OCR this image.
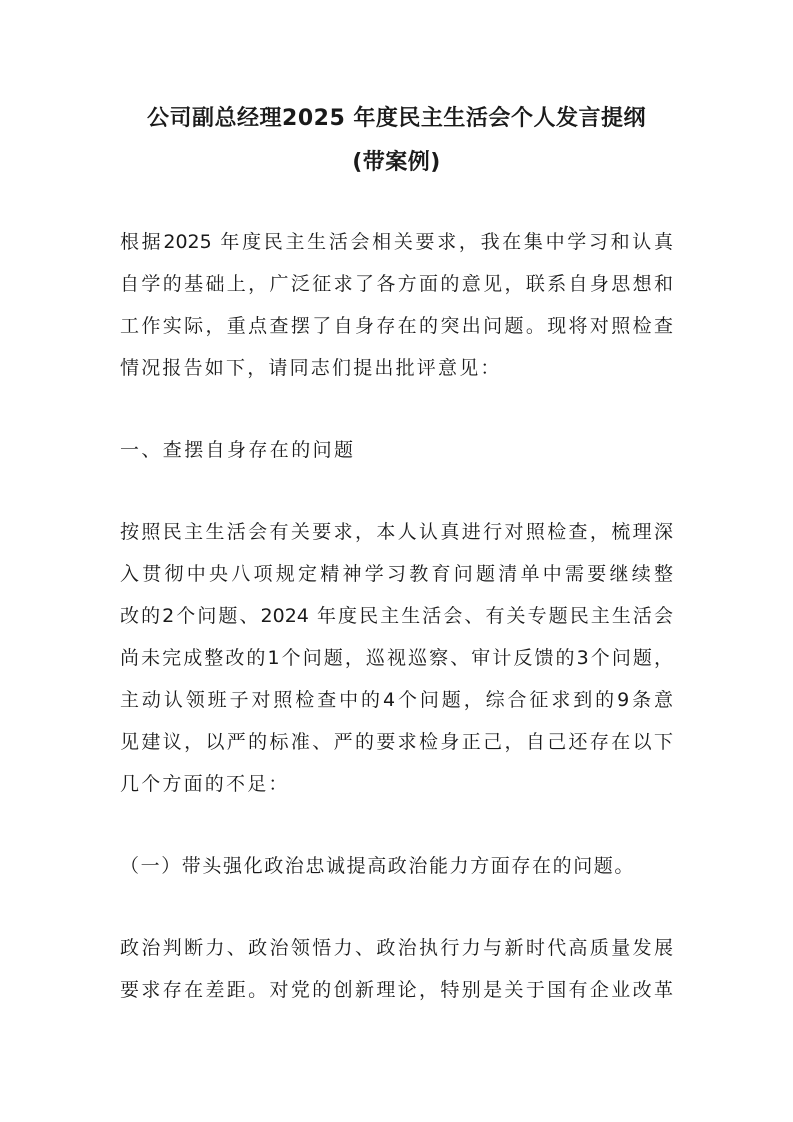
公司副总经理2025 年度民主生活会个人发言提纲
(带案例)
根据2025 年度民主生活会相关要求，我在集中学习和认真
自学的基础上，广泛征求了各方面的意见，联系自身思想和
工作实际，重点查摆了自身存在的突出问题。现将对照检查
情况报告如下，请同志们提出批评意见：
一、查摆自身存在的问题
按照民主生活会有关要求，本人认真进行对照检查，梳理深
入贯彻中央八项规定精神学习教育问题清单中需要继续整
改的2个问题、2024 年度民主生活会、有关专题民主生活会
尚未完成整改的1个问题，巡视巡察、审计反馈的3个问题，
主动认领班子对照检查中的4个问题，综合征求到的9条意
见建议，以严的标准、严的要求检身正己，自己还存在以下
几个方面的不足：
（一）带头强化政治忠诚提高政治能力方面存在的问题。
政治判断力、政治领悟力、政治执行力与新时代高质量发展
要求存在差距。对党的创新理论，特别是关于国有企业改革
